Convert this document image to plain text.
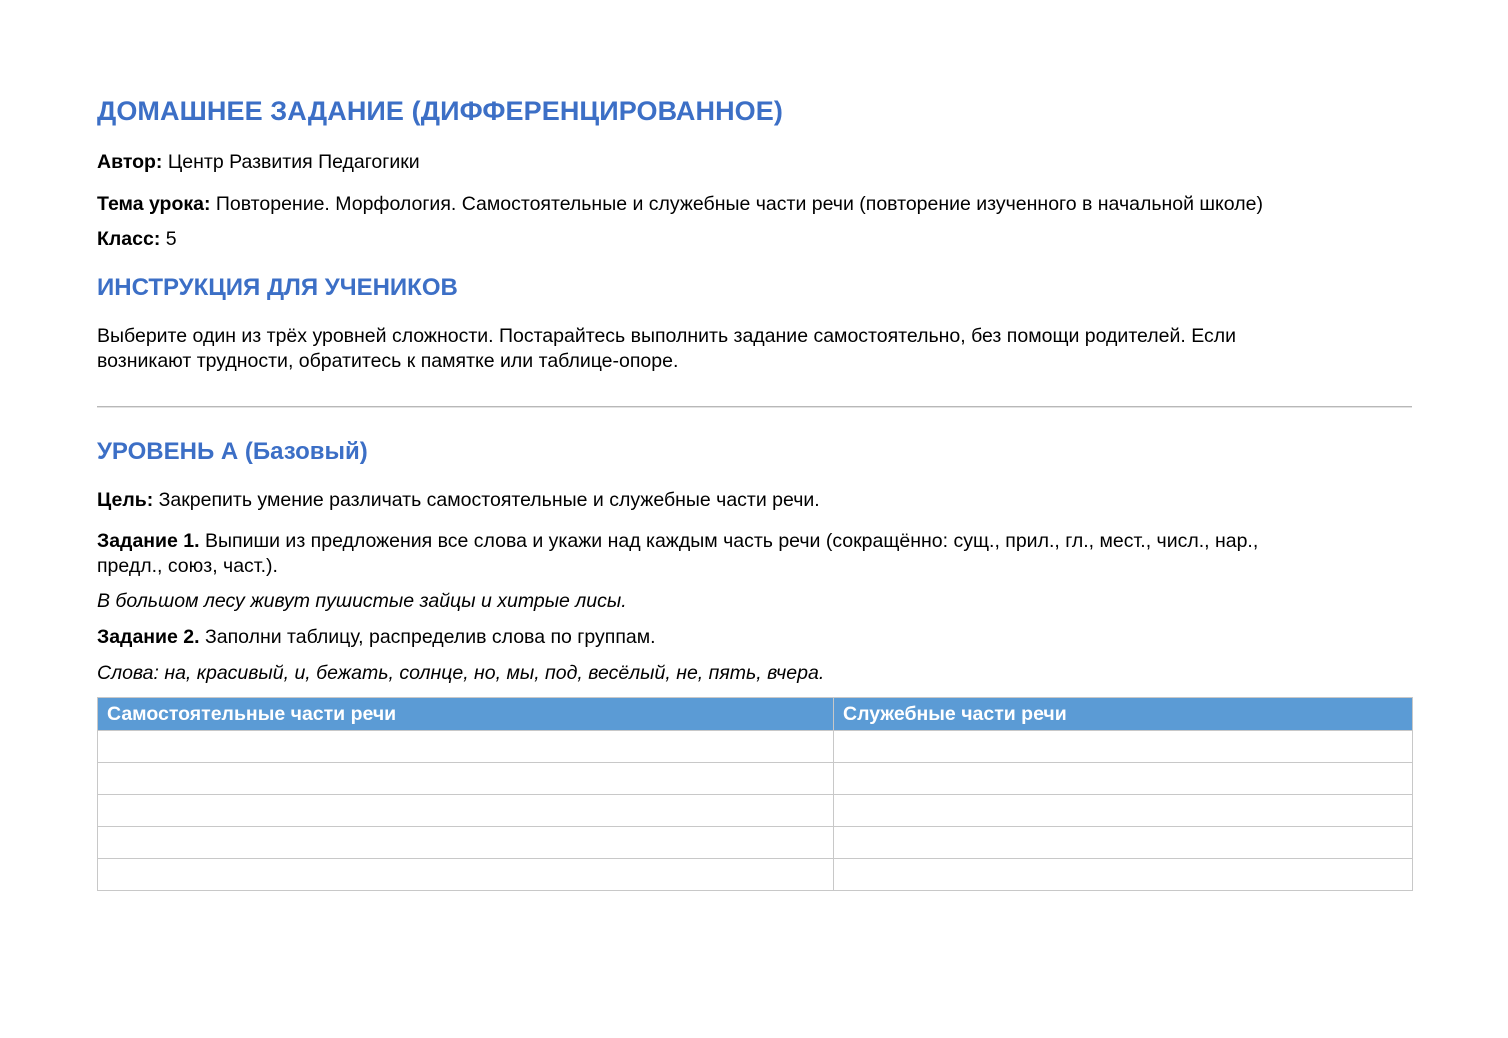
ДОМАШНЕЕ ЗАДАНИЕ (ДИФФЕРЕНЦИРОВАННОЕ)

Автор: Центр Развития Педагогики

Тема урока: Повторение. Морфология. Самостоятельные и служебные части речи (повторение изученного в начальной школе)

Класс: 5

ИНСТРУКЦИЯ ДЛЯ УЧЕНИКОВ

Выберите один из трёх уровней сложности. Постарайтесь выполнить задание самостоятельно, без помощи родителей. Если

возникают трудности, обратитесь к памятке или таблице-опоре.

УРОВЕНЬ А (Базовый)

Цель: Закрепить умение различать самостоятельные и служебные части речи.

Задание 1. Выпиши из предложения все слова и укажи над каждым часть речи (сокращённо: сущ., прил., гл., мест., числ., нар.,

предл., союз, част.).

В большом лесу живут пушистые зайцы и хитрые лисы.

Задание 2. Заполни таблицу, распределив слова по группам.

Слова: на, красивый, и, бежать, солнце, но, мы, под, весёлый, не, пять, вчера.

Самостоятельные части речи	Служебные части речи
